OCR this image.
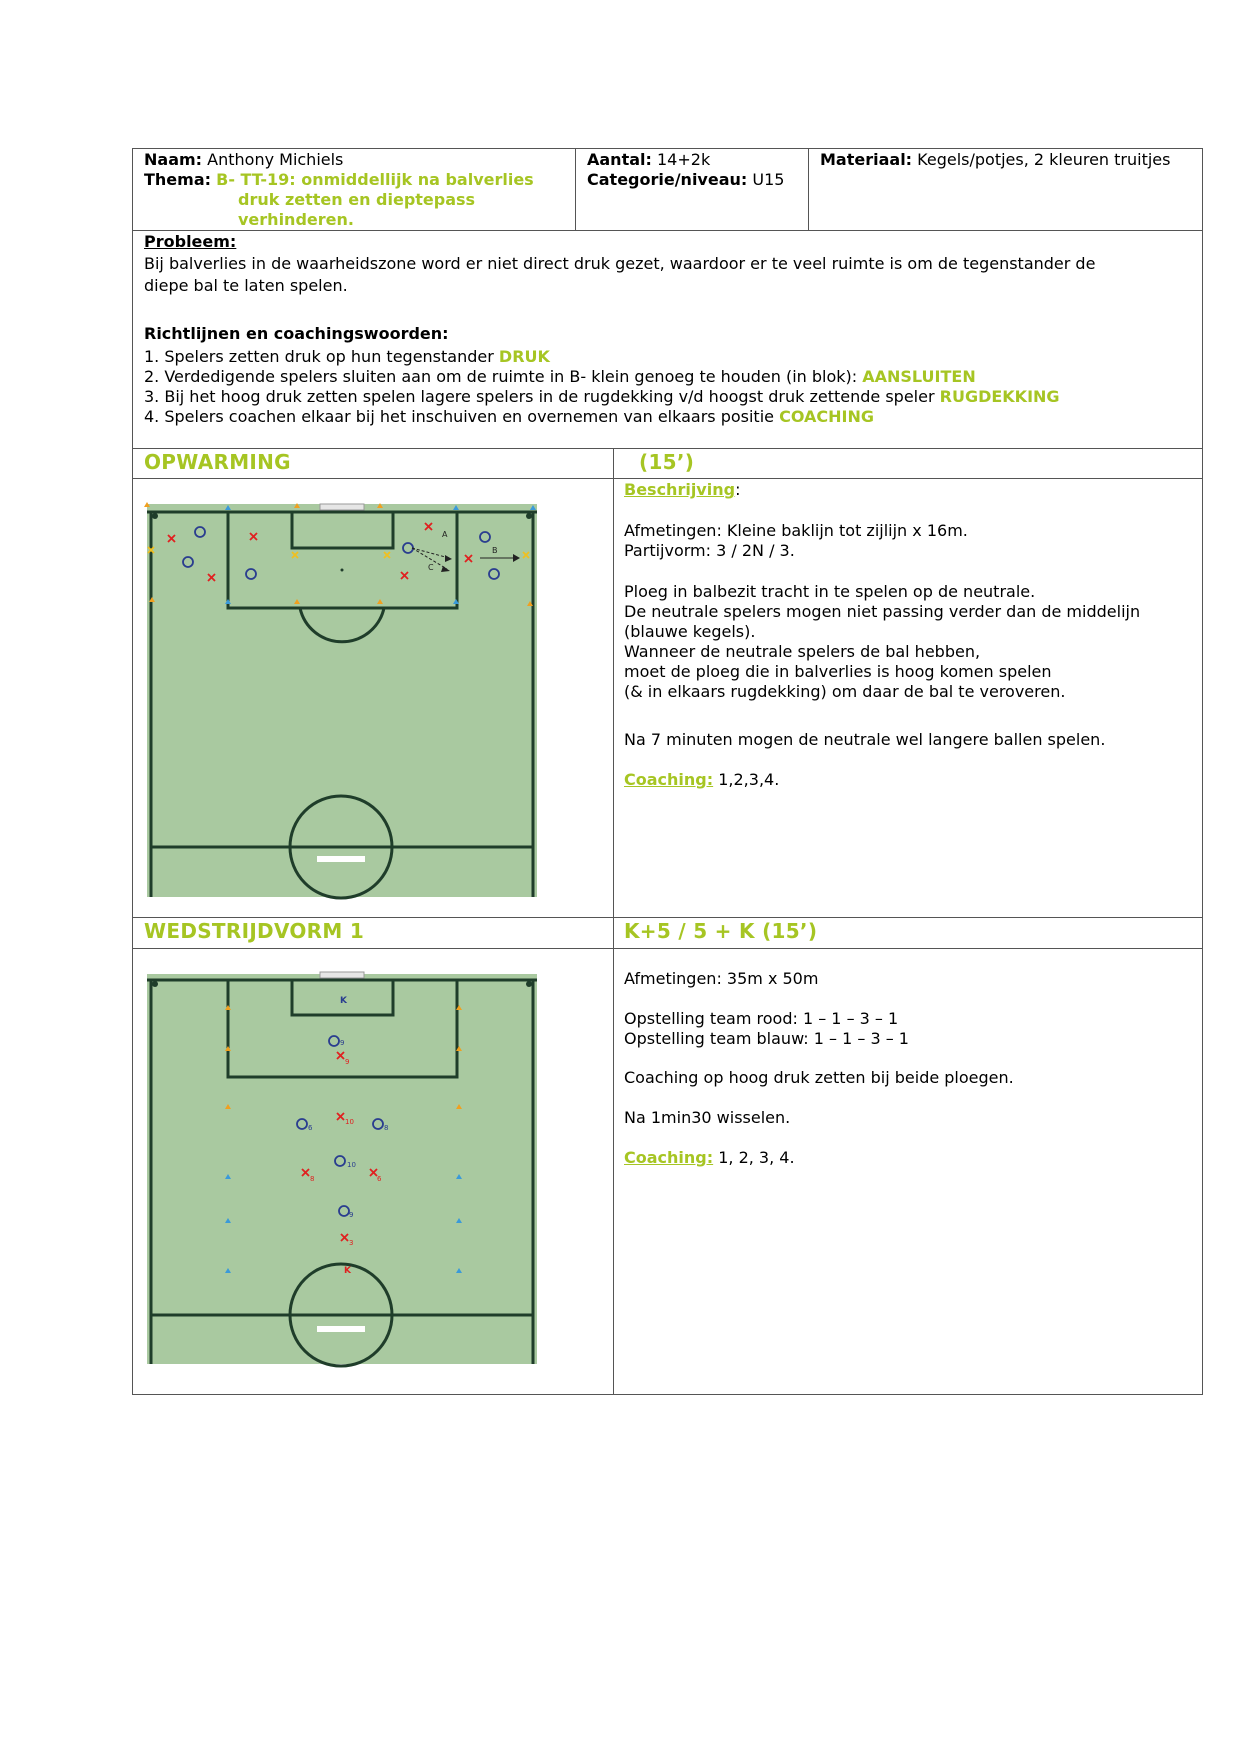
Naam: Anthony Michiels
Thema: B- TT-19: onmiddellijk na balverlies
druk zetten en dieptepass
verhinderen.
Aantal: 14+2k
Categorie/niveau: U15
Materiaal: Kegels/potjes, 2 kleuren truitjes
Probleem:
Bij balverlies in de waarheidszone word er niet direct druk gezet, waardoor er te veel ruimte is om de tegenstander de
diepe bal te laten spelen.
Richtlijnen en coachingswoorden:
1. Spelers zetten druk op hun tegenstander DRUK
2. Verdedigende spelers sluiten aan om de ruimte in B- klein genoeg te houden (in blok): AANSLUITEN
3. Bij het hoog druk zetten spelen lagere spelers in de rugdekking v/d hoogst druk zettende speler RUGDEKKING
4. Spelers coachen elkaar bij het inschuiven en overnemen van elkaars positie COACHING
OPWARMING	(15’)
A
B
C
Beschrijving:
Afmetingen: Kleine baklijn tot zijlijn x 16m.
Partijvorm: 3 / 2N / 3.
Ploeg in balbezit tracht in te spelen op de neutrale.
De neutrale spelers mogen niet passing verder dan de middelijn
(blauwe kegels).
Wanneer de neutrale spelers de bal hebben,
moet de ploeg die in balverlies is hoog komen spelen
(& in elkaars rugdekking) om daar de bal te veroveren.
Na 7 minuten mogen de neutrale wel langere ballen spelen.
Coaching: 1,2,3,4.
WEDSTRIJDVORM 1	K+5 / 5 + K (15’)
K
K
9
9
10
6	8
10
8	6
9
3
Afmetingen: 35m x 50m
Opstelling team rood: 1 – 1 – 3 – 1
Opstelling team blauw: 1 – 1 – 3 – 1
Coaching op hoog druk zetten bij beide ploegen.
Na 1min30 wisselen.
Coaching: 1, 2, 3, 4.
